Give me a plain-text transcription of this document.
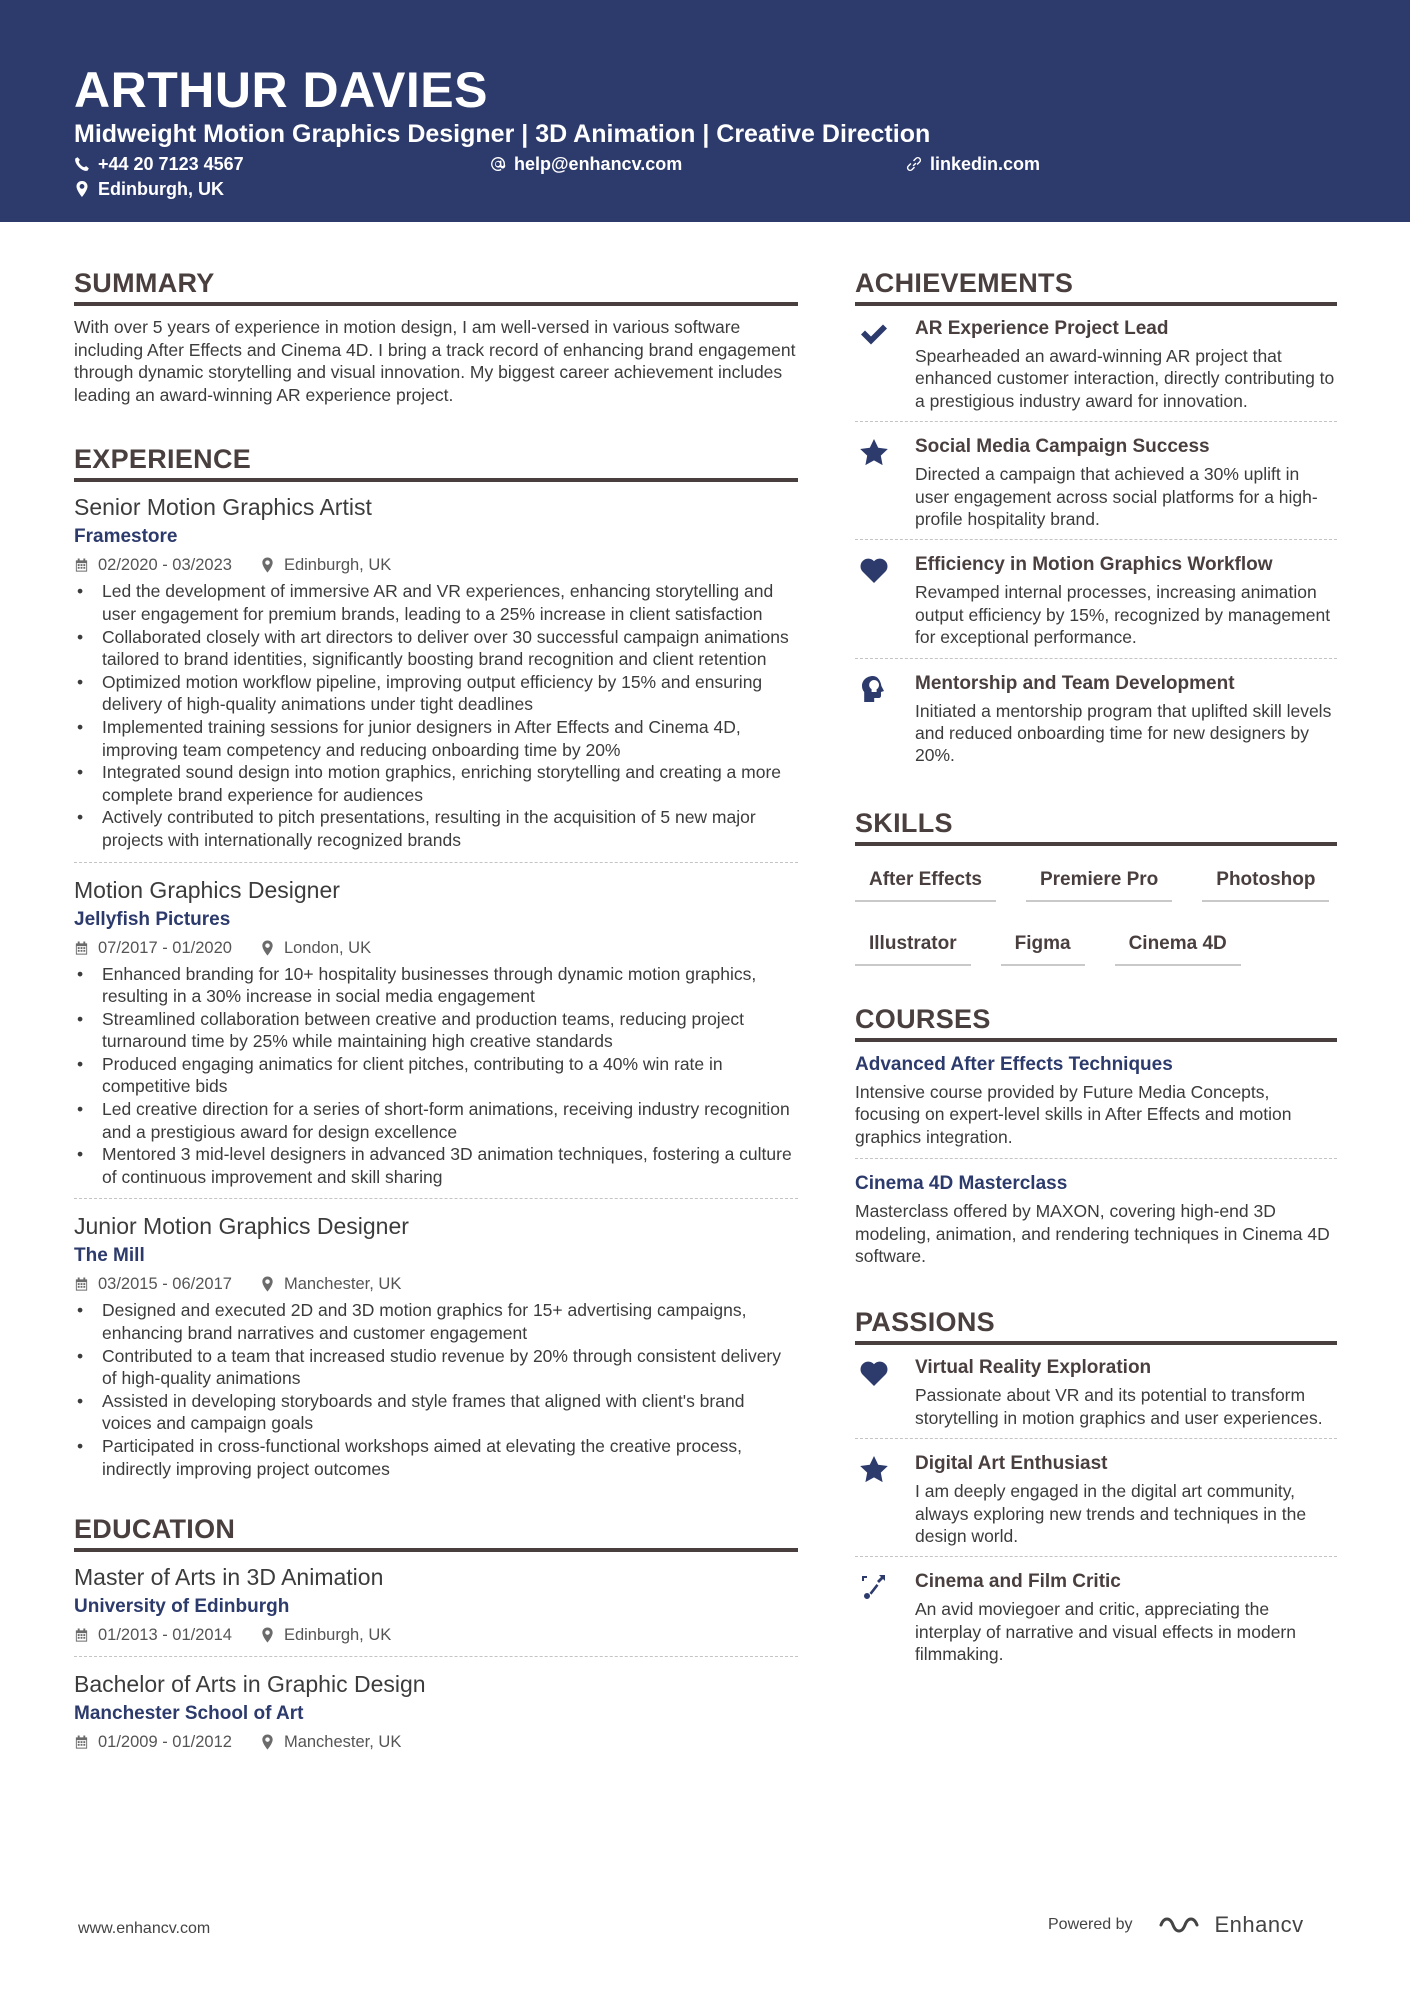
ARTHUR DAVIES
Midweight Motion Graphics Designer | 3D Animation | Creative Direction
+44 20 7123 4567	help@enhancv.com	linkedin.com
Edinburgh, UK
SUMMARY

With over 5 years of experience in motion design, I am well-versed in various software including After Effects and Cinema 4D. I bring a track record of enhancing brand engagement through dynamic storytelling and visual innovation. My biggest career achievement includes leading an award-winning AR experience project.

EXPERIENCE
Senior Motion Graphics Artist
Framestore
02/2020 - 03/2023	Edinburgh, UK
• Led the development of immersive AR and VR experiences, enhancing storytelling and user engagement for premium brands, leading to a 25% increase in client satisfaction
• Collaborated closely with art directors to deliver over 30 successful campaign animations tailored to brand identities, significantly boosting brand recognition and client retention
• Optimized motion workflow pipeline, improving output efficiency by 15% and ensuring delivery of high-quality animations under tight deadlines
• Implemented training sessions for junior designers in After Effects and Cinema 4D, improving team competency and reducing onboarding time by 20%
• Integrated sound design into motion graphics, enriching storytelling and creating a more complete brand experience for audiences
• Actively contributed to pitch presentations, resulting in the acquisition of 5 new major projects with internationally recognized brands
Motion Graphics Designer
Jellyfish Pictures
07/2017 - 01/2020	London, UK
• Enhanced branding for 10+ hospitality businesses through dynamic motion graphics, resulting in a 30% increase in social media engagement
• Streamlined collaboration between creative and production teams, reducing project turnaround time by 25% while maintaining high creative standards
• Produced engaging animatics for client pitches, contributing to a 40% win rate in competitive bids
• Led creative direction for a series of short-form animations, receiving industry recognition and a prestigious award for design excellence
• Mentored 3 mid-level designers in advanced 3D animation techniques, fostering a culture of continuous improvement and skill sharing
Junior Motion Graphics Designer
The Mill
03/2015 - 06/2017	Manchester, UK
• Designed and executed 2D and 3D motion graphics for 15+ advertising campaigns, enhancing brand narratives and customer engagement
• Contributed to a team that increased studio revenue by 20% through consistent delivery of high-quality animations
• Assisted in developing storyboards and style frames that aligned with client's brand voices and campaign goals
• Participated in cross-functional workshops aimed at elevating the creative process, indirectly improving project outcomes
EDUCATION
Master of Arts in 3D Animation
University of Edinburgh
01/2013 - 01/2014	Edinburgh, UK
Bachelor of Arts in Graphic Design
Manchester School of Art
01/2009 - 01/2012	Manchester, UK
ACHIEVEMENTS
AR Experience Project Lead
Spearheaded an award-winning AR project that enhanced customer interaction, directly contributing to a prestigious industry award for innovation.
Social Media Campaign Success
Directed a campaign that achieved a 30% uplift in user engagement across social platforms for a high-profile hospitality brand.
Efficiency in Motion Graphics Workflow
Revamped internal processes, increasing animation output efficiency by 15%, recognized by management for exceptional performance.
Mentorship and Team Development
Initiated a mentorship program that uplifted skill levels and reduced onboarding time for new designers by 20%.
SKILLS
After Effects	Premiere Pro	Photoshop
Illustrator	Figma	Cinema 4D
COURSES
Advanced After Effects Techniques
Intensive course provided by Future Media Concepts, focusing on expert-level skills in After Effects and motion graphics integration.
Cinema 4D Masterclass
Masterclass offered by MAXON, covering high-end 3D modeling, animation, and rendering techniques in Cinema 4D software.
PASSIONS
Virtual Reality Exploration
Passionate about VR and its potential to transform storytelling in motion graphics and user experiences.
Digital Art Enthusiast
I am deeply engaged in the digital art community, always exploring new trends and techniques in the design world.
Cinema and Film Critic
An avid moviegoer and critic, appreciating the interplay of narrative and visual effects in modern filmmaking.
www.enhancv.com	Powered by	Enhancv
